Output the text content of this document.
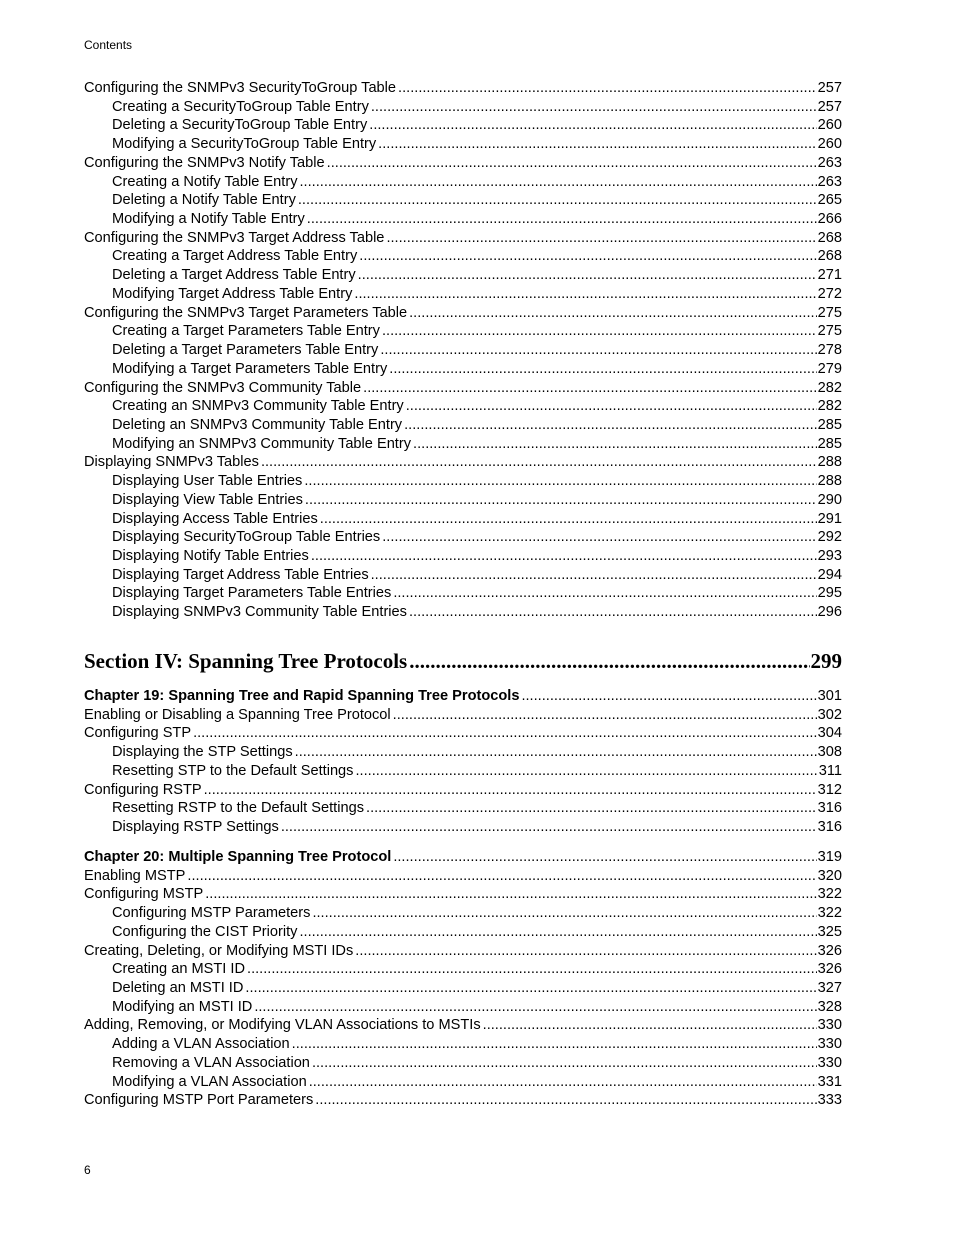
Contents
Configuring the SNMPv3 SecurityToGroup Table .....	257
Creating a SecurityToGroup Table Entry .....	257
Deleting a SecurityToGroup Table Entry .....	260
Modifying a SecurityToGroup Table Entry .....	260
Configuring the SNMPv3 Notify Table .....	263
Creating a Notify Table Entry .....	263
Deleting a Notify Table Entry .....	265
Modifying a Notify Table Entry .....	266
Configuring the SNMPv3 Target Address Table .....	268
Creating a Target Address Table Entry .....	268
Deleting a Target Address Table Entry .....	271
Modifying Target Address Table Entry .....	272
Configuring the SNMPv3 Target Parameters Table .....	275
Creating a Target Parameters Table Entry .....	275
Deleting a Target Parameters Table Entry .....	278
Modifying a Target Parameters Table Entry .....	279
Configuring the SNMPv3 Community Table .....	282
Creating an SNMPv3 Community Table Entry .....	282
Deleting an SNMPv3 Community Table Entry .....	285
Modifying an SNMPv3 Community Table Entry .....	285
Displaying SNMPv3 Tables .....	288
Displaying User Table Entries .....	288
Displaying View Table Entries .....	290
Displaying Access Table Entries .....	291
Displaying SecurityToGroup Table Entries .....	292
Displaying Notify Table Entries .....	293
Displaying Target Address Table Entries .....	294
Displaying Target Parameters Table Entries .....	295
Displaying SNMPv3 Community Table Entries .....	296
Section IV: Spanning Tree Protocols .....	299
Chapter 19: Spanning Tree and Rapid Spanning Tree Protocols .....	301
Enabling or Disabling a Spanning Tree Protocol .....	302
Configuring STP .....	304
Displaying the STP Settings .....	308
Resetting STP to the Default Settings .....	311
Configuring RSTP .....	312
Resetting RSTP to the Default Settings .....	316
Displaying RSTP Settings .....	316
Chapter 20: Multiple Spanning Tree Protocol .....	319
Enabling MSTP .....	320
Configuring MSTP .....	322
Configuring MSTP Parameters .....	322
Configuring the CIST Priority .....	325
Creating, Deleting, or Modifying MSTI IDs .....	326
Creating an MSTI ID .....	326
Deleting an MSTI ID .....	327
Modifying an MSTI ID .....	328
Adding, Removing, or Modifying VLAN Associations to MSTIs .....	330
Adding a VLAN Association .....	330
Removing a VLAN Association .....	330
Modifying a VLAN Association .....	331
Configuring MSTP Port Parameters .....	333
6
